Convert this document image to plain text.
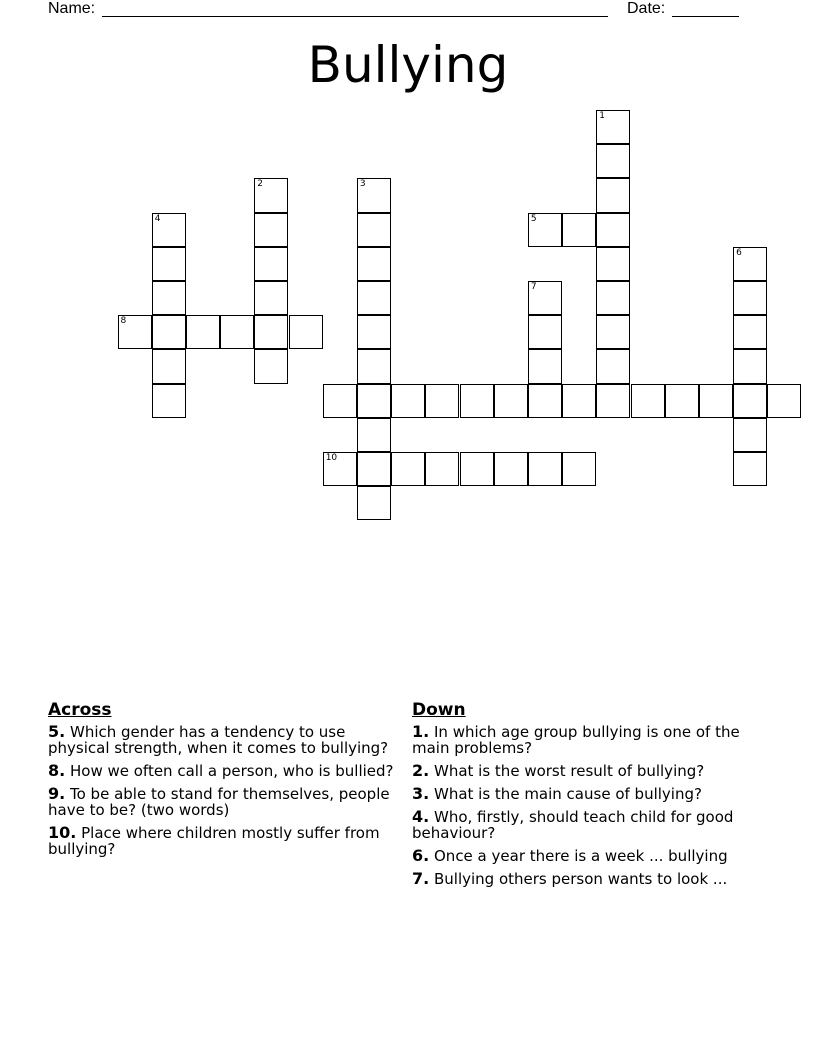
Name:	Date:
Bullying
1
2	3
4	5
6
7
8
10
Across
5. Which gender has a tendency to use physical strength, when it comes to bullying?
8. How we often call a person, who is bullied?
9. To be able to stand for themselves, people have to be? (two words)
10. Place where children mostly suffer from bullying?
Down
1. In which age group bullying is one of the main problems?
2. What is the worst result of bullying?
3. What is the main cause of bullying?
4. Who, firstly, should teach child for good behaviour?
6. Once a year there is a week ... bullying
7. Bullying others person wants to look ...
